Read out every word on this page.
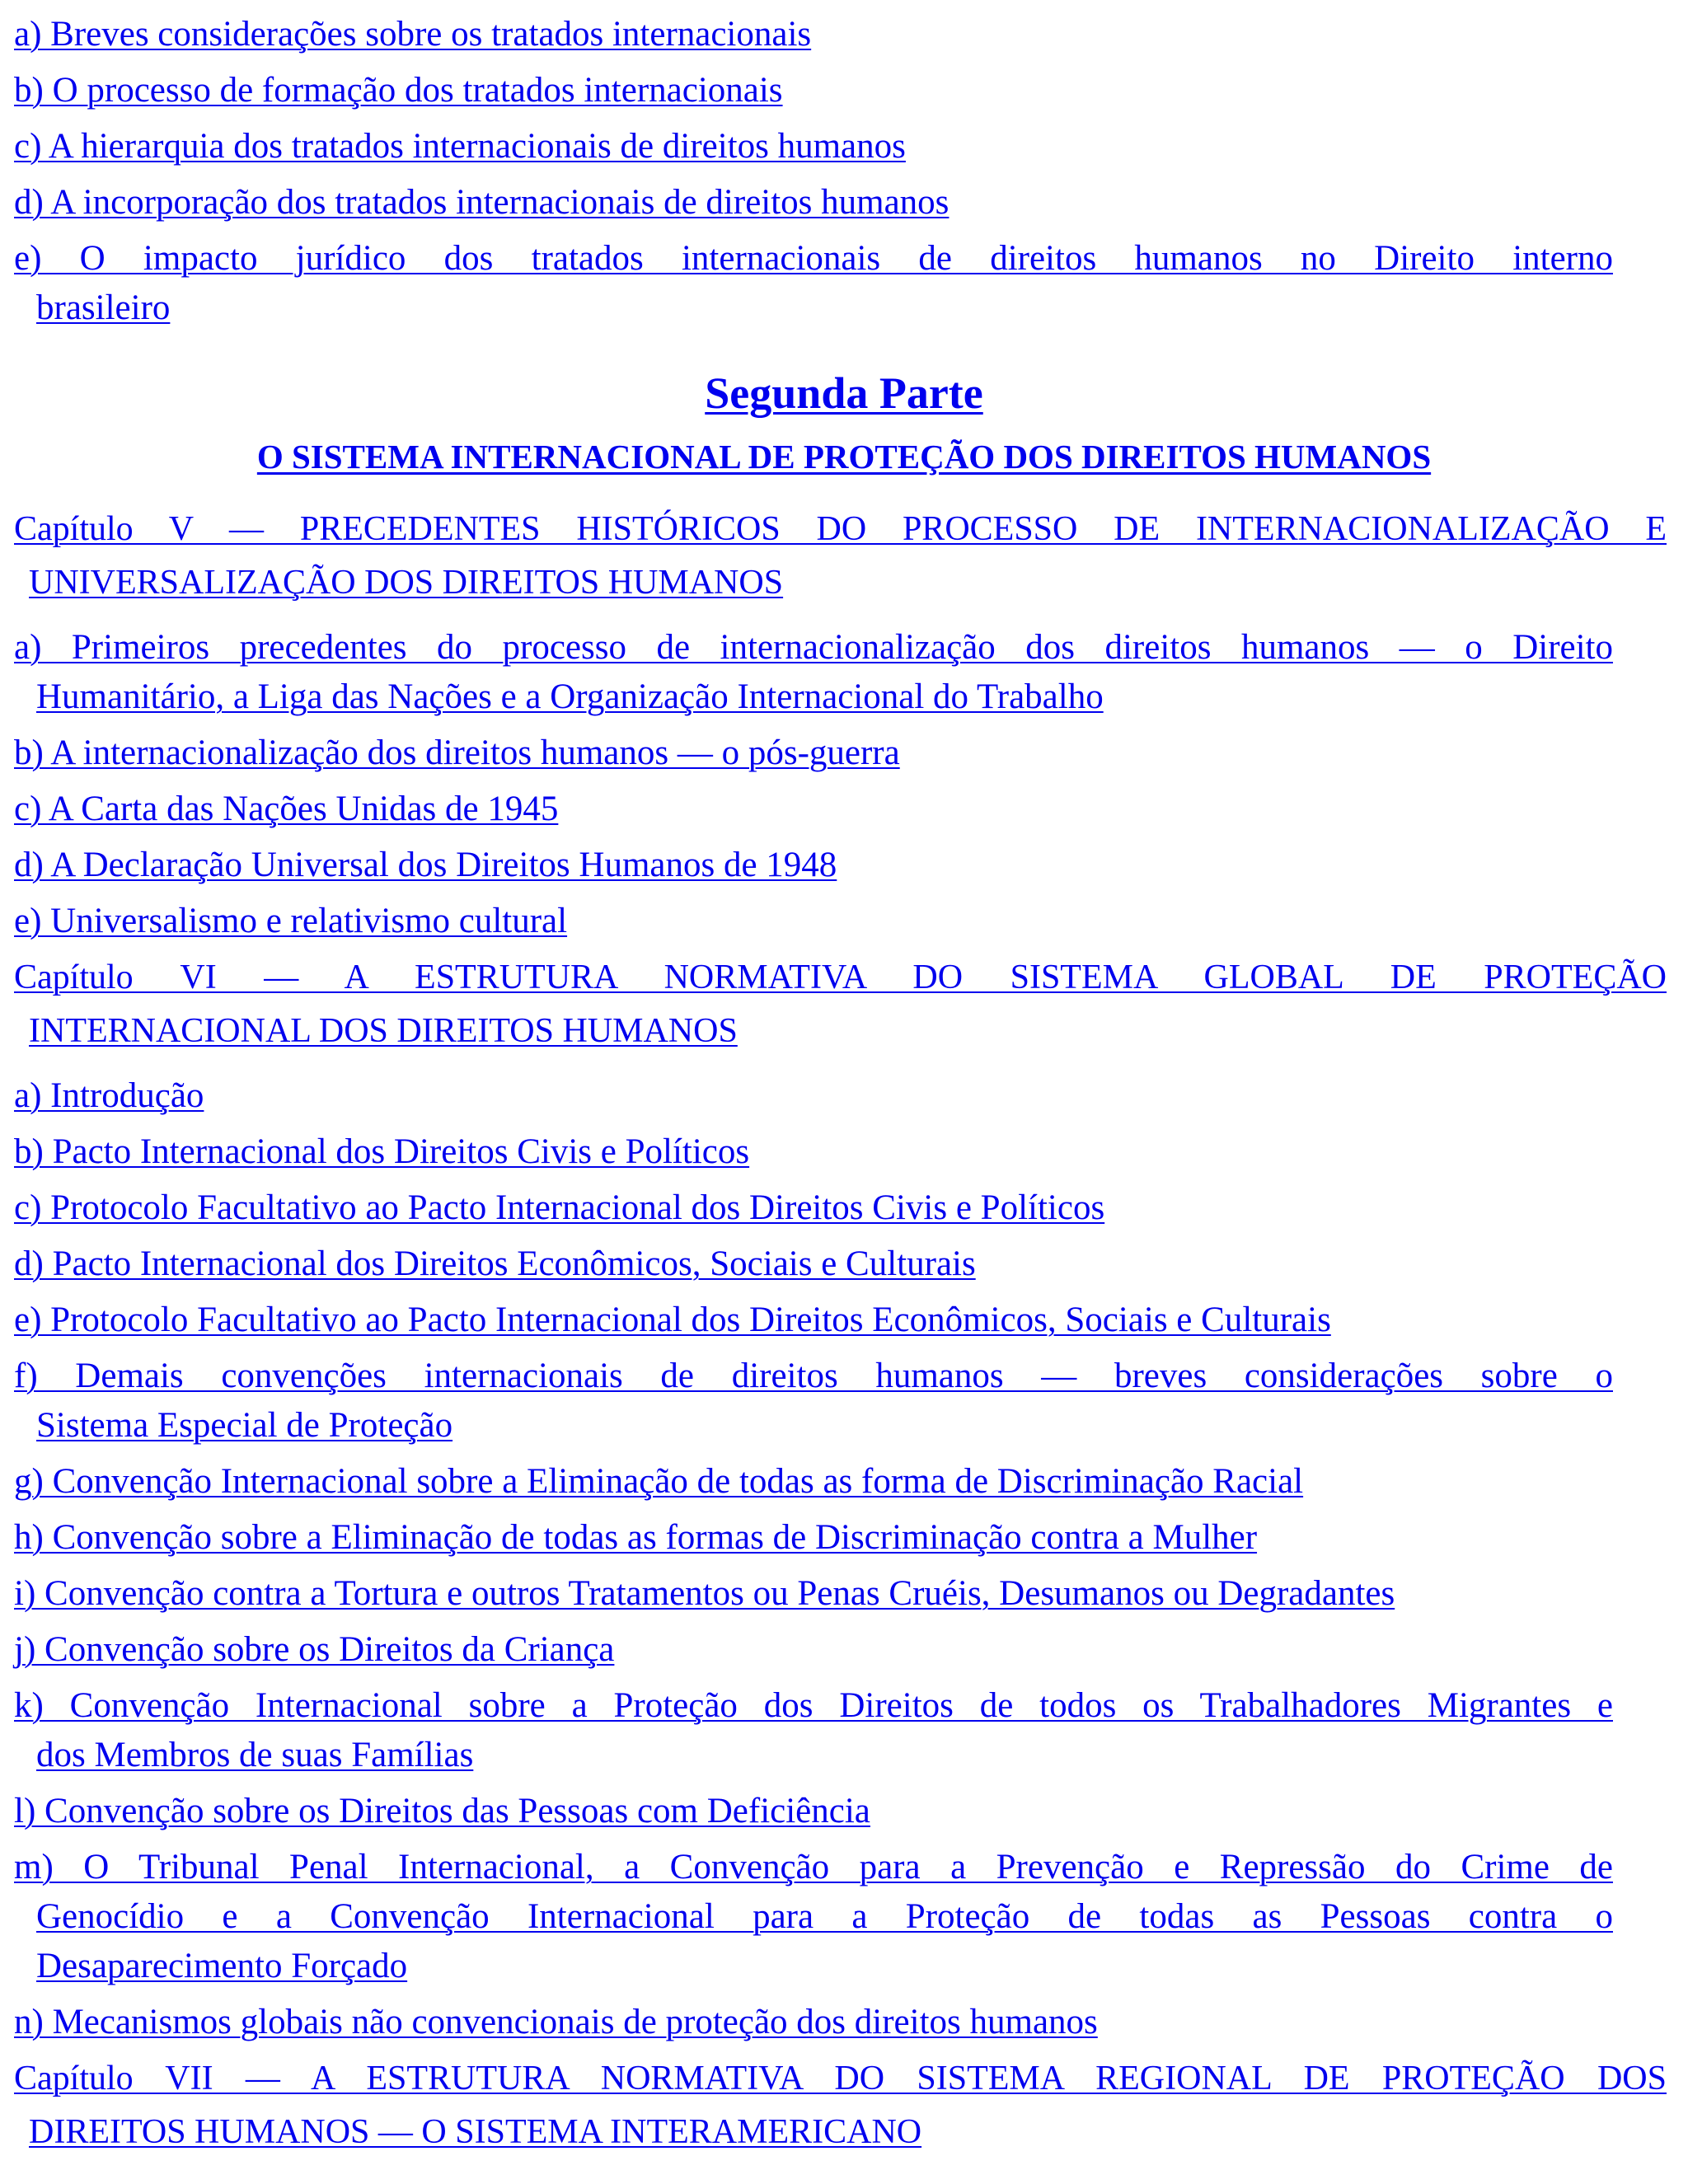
a) Breves considerações sobre os tratados internacionais
b) O processo de formação dos tratados internacionais
c) A hierarquia dos tratados internacionais de direitos humanos
d) A incorporação dos tratados internacionais de direitos humanos
e) O impacto jurídico dos tratados internacionais de direitos humanos no Direito interno
brasileiro
Segunda Parte
O SISTEMA INTERNACIONAL DE PROTEÇÃO DOS DIREITOS HUMANOS
Capítulo V — PRECEDENTES HISTÓRICOS DO PROCESSO DE INTERNACIONALIZAÇÃO E
UNIVERSALIZAÇÃO DOS DIREITOS HUMANOS
a) Primeiros precedentes do processo de internacionalização dos direitos humanos — o Direito
Humanitário, a Liga das Nações e a Organização Internacional do Trabalho
b) A internacionalização dos direitos humanos — o pós-guerra
c) A Carta das Nações Unidas de 1945
d) A Declaração Universal dos Direitos Humanos de 1948
e) Universalismo e relativismo cultural
Capítulo VI — A ESTRUTURA NORMATIVA DO SISTEMA GLOBAL DE PROTEÇÃO
INTERNACIONAL DOS DIREITOS HUMANOS
a) Introdução
b) Pacto Internacional dos Direitos Civis e Políticos
c) Protocolo Facultativo ao Pacto Internacional dos Direitos Civis e Políticos
d) Pacto Internacional dos Direitos Econômicos, Sociais e Culturais
e) Protocolo Facultativo ao Pacto Internacional dos Direitos Econômicos, Sociais e Culturais
f) Demais convenções internacionais de direitos humanos — breves considerações sobre o
Sistema Especial de Proteção
g) Convenção Internacional sobre a Eliminação de todas as forma de Discriminação Racial
h) Convenção sobre a Eliminação de todas as formas de Discriminação contra a Mulher
i) Convenção contra a Tortura e outros Tratamentos ou Penas Cruéis, Desumanos ou Degradantes
j) Convenção sobre os Direitos da Criança
k) Convenção Internacional sobre a Proteção dos Direitos de todos os Trabalhadores Migrantes e
dos Membros de suas Famílias
l) Convenção sobre os Direitos das Pessoas com Deficiência
m) O Tribunal Penal Internacional, a Convenção para a Prevenção e Repressão do Crime de
Genocídio e a Convenção Internacional para a Proteção de todas as Pessoas contra o
Desaparecimento Forçado
n) Mecanismos globais não convencionais de proteção dos direitos humanos
Capítulo VII — A ESTRUTURA NORMATIVA DO SISTEMA REGIONAL DE PROTEÇÃO DOS
DIREITOS HUMANOS — O SISTEMA INTERAMERICANO
